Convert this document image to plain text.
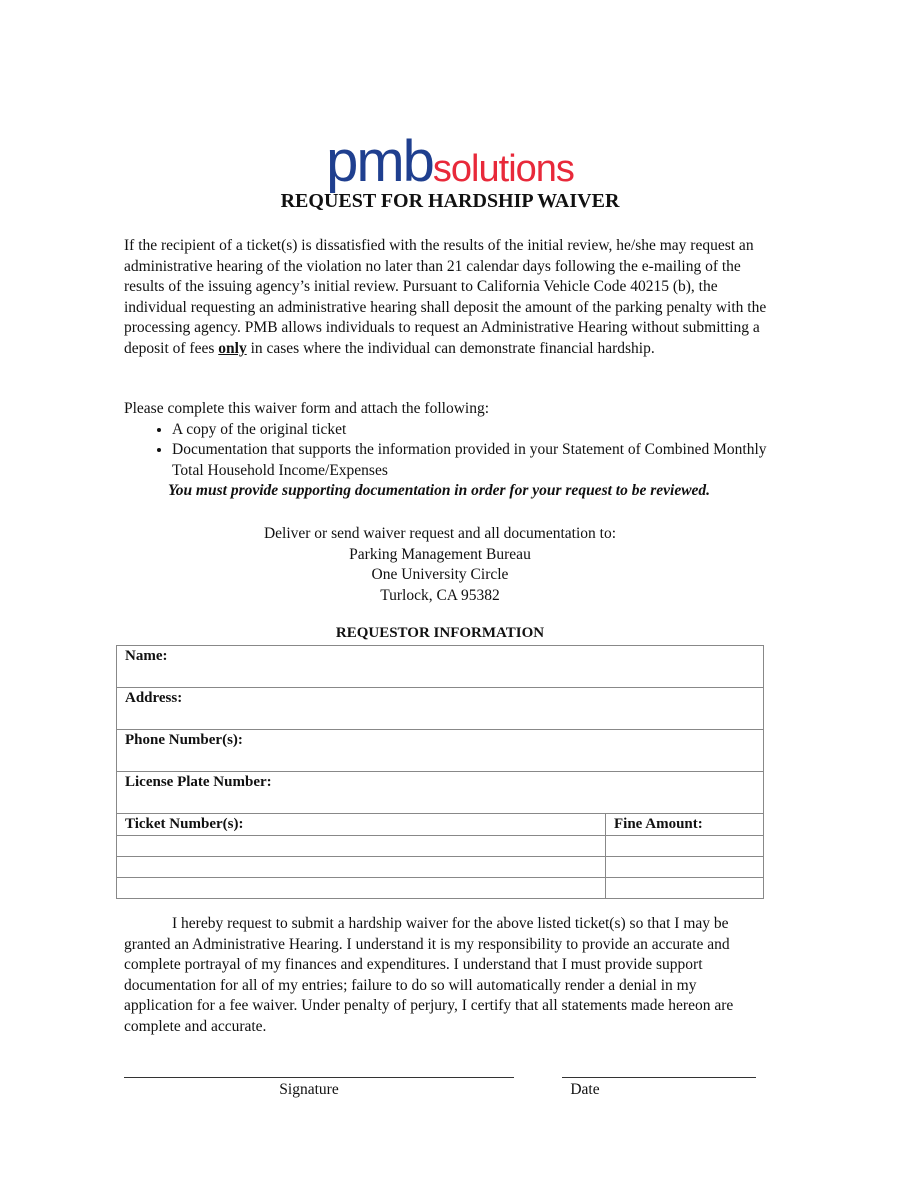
pmbsolutions
REQUEST FOR HARDSHIP WAIVER
If the recipient of a ticket(s) is dissatisfied with the results of the initial review, he/she may request an administrative hearing of the violation no later than 21 calendar days following the e-mailing of the results of the issuing agency’s initial review. Pursuant to California Vehicle Code 40215 (b), the individual requesting an administrative hearing shall deposit the amount of the parking penalty with the processing agency. PMB allows individuals to request an Administrative Hearing without submitting a deposit of fees only in cases where the individual can demonstrate financial hardship.
Please complete this waiver form and attach the following:
• A copy of the original ticket
• Documentation that supports the information provided in your Statement of Combined Monthly Total Household Income/Expenses
You must provide supporting documentation in order for your request to be reviewed.
Deliver or send waiver request and all documentation to:
Parking Management Bureau
One University Circle
Turlock, CA 95382
REQUESTOR INFORMATION
Name:	
Address:	
Phone Number(s):	
License Plate Number:	
Ticket Number(s):	Fine Amount:

I hereby request to submit a hardship waiver for the above listed ticket(s) so that I may be granted an Administrative Hearing. I understand it is my responsibility to provide an accurate and complete portrayal of my finances and expenditures. I understand that I must provide support documentation for all of my entries; failure to do so will automatically render a denial in my application for a fee waiver. Under penalty of perjury, I certify that all statements made hereon are complete and accurate.
Signature	Date
